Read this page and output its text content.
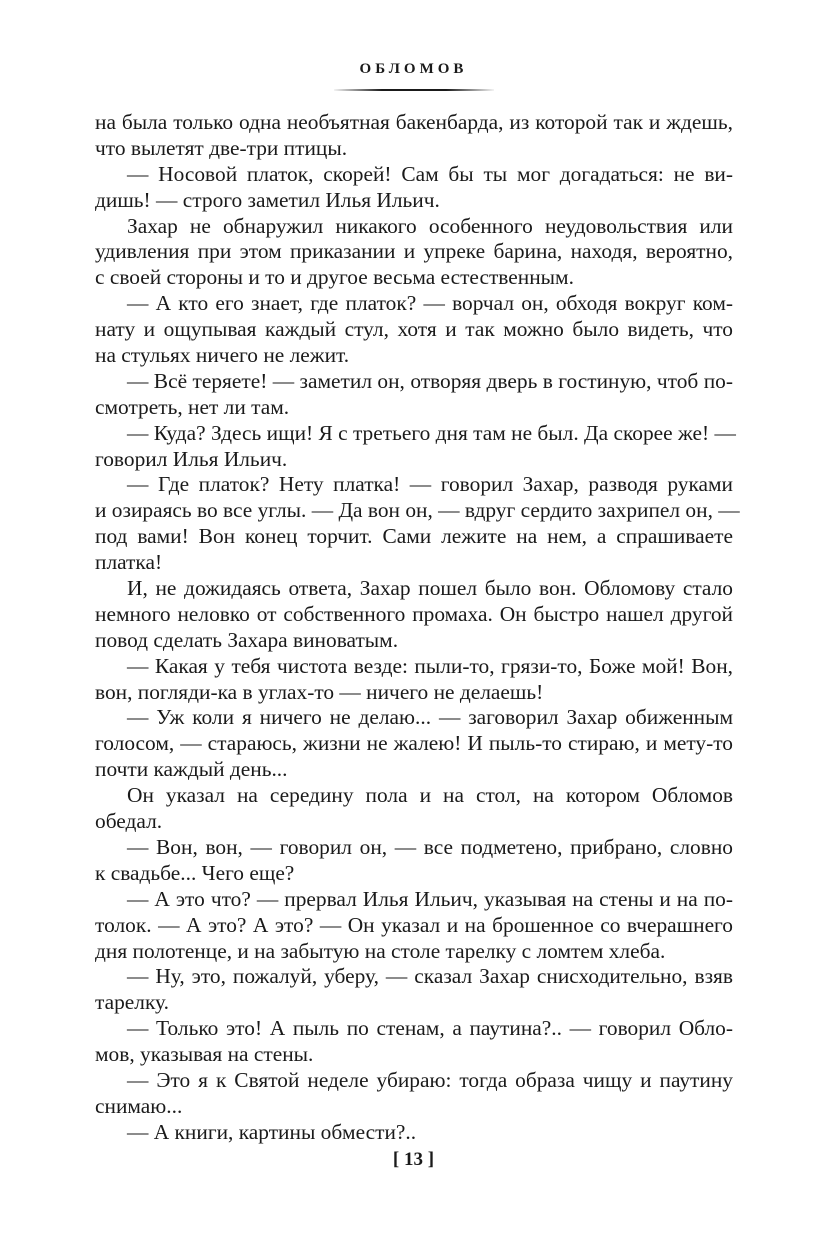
ОБЛОМОВ
на была только одна необъятная бакенбарда, из которой так и ждешь,
что вылетят две-три птицы.
— Носовой платок, скорей! Сам бы ты мог догадаться: не ви-
дишь! — строго заметил Илья Ильич.
Захар не обнаружил никакого особенного неудовольствия или
удивления при этом приказании и упреке барина, находя, вероятно,
с своей стороны и то и другое весьма естественным.
— А кто его знает, где платок? — ворчал он, обходя вокруг ком-
нату и ощупывая каждый стул, хотя и так можно было видеть, что
на стульях ничего не лежит.
— Всё теряете! — заметил он, отворяя дверь в гостиную, чтоб по-
смотреть, нет ли там.
— Куда? Здесь ищи! Я с третьего дня там не был. Да скорее же! —
говорил Илья Ильич.
— Где платок? Нету платка! — говорил Захар, разводя руками
и озираясь во все углы. — Да вон он, — вдруг сердито захрипел он, —
под вами! Вон конец торчит. Сами лежите на нем, а спрашиваете
платка!
И, не дожидаясь ответа, Захар пошел было вон. Обломову стало
немного неловко от собственного промаха. Он быстро нашел другой
повод сделать Захара виноватым.
— Какая у тебя чистота везде: пыли-то, грязи-то, Боже мой! Вон,
вон, погляди-ка в углах-то — ничего не делаешь!
— Уж коли я ничего не делаю... — заговорил Захар обиженным
голосом, — стараюсь, жизни не жалею! И пыль-то стираю, и мету-то
почти каждый день...
Он указал на середину пола и на стол, на котором Обломов
обедал.
— Вон, вон, — говорил он, — все подметено, прибрано, словно
к свадьбе... Чего еще?
— А это что? — прервал Илья Ильич, указывая на стены и на по-
толок. — А это? А это? — Он указал и на брошенное со вчерашнего
дня полотенце, и на забытую на столе тарелку с ломтем хлеба.
— Ну, это, пожалуй, уберу, — сказал Захар снисходительно, взяв
тарелку.
— Только это! А пыль по стенам, а паутина?.. — говорил Обло-
мов, указывая на стены.
— Это я к Святой неделе убираю: тогда образа чищу и паутину
снимаю...
— А книги, картины обмести?..
[ 13 ]
